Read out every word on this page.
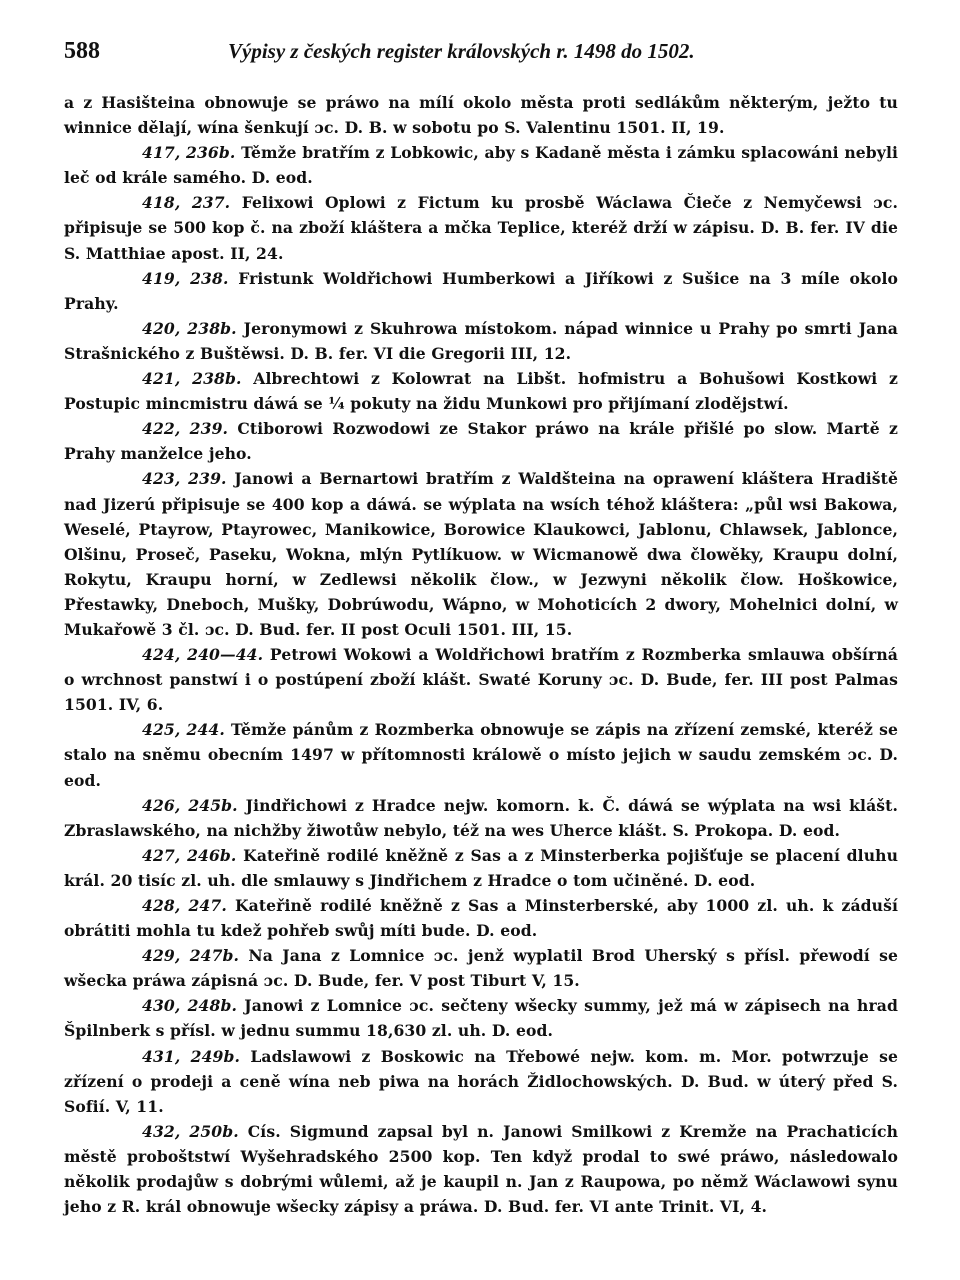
588	Výpisy z českých register královských r. 1498 do 1502.

a z Hasišteina obnowuje se práwo na mílí okolo města proti sedlákům některým, ježto tu winnice dělají, wína šenkují ɔc. D. B. w sobotu po S. Valentinu 1501. II, 19.

417, 236b. Těmže bratřím z Lobkowic, aby s Kadaně města i zámku splacowáni nebyli leč od krále samého. D. eod.

418, 237. Felixowi Oplowi z Fictum ku prosbě Wáclawa Čieče z Nemyčewsi ɔc. připisuje se 500 kop č. na zboží kláštera a mčka Teplice, kteréž drží w zápisu. D. B. fer. IV die S. Matthiae apost. II, 24.

419, 238. Fristunk Woldřichowi Humberkowi a Jiříkowi z Sušice na 3 míle okolo Prahy.

420, 238b. Jeronymowi z Skuhrowa místokom. nápad winnice u Prahy po smrti Jana Strašnického z Buštěwsi. D. B. fer. VI die Gregorii III, 12.

421, 238b. Albrechtowi z Kolowrat na Libšt. hofmistru a Bohušowi Kostkowi z Postupic mincmistru dáwá se ¼ pokuty na židu Munkowi pro přijímaní zlodějstwí.

422, 239. Ctiborowi Rozwodowi ze Stakor práwo na krále přišlé po slow. Martě z Prahy manželce jeho.

423, 239. Janowi a Bernartowi bratřím z Waldšteina na oprawení kláštera Hradiště nad Jizerú připisuje se 400 kop a dáwá. se wýplata na wsích téhož kláštera: „půl wsi Bakowa, Weselé, Ptayrow, Ptayrowec, Manikowice, Borowice Klaukowci, Jablonu, Chlawsek, Jablonce, Olšinu, Proseč, Paseku, Wokna, mlýn Pytlíkuow. w Wicmanowě dwa člowěky, Kraupu dolní, Rokytu, Kraupu horní, w Zedlewsi několik člow., w Jezwyni několik člow. Hoškowice, Přestawky, Dneboch, Mušky, Dobrúwodu, Wápno, w Mohoticích 2 dwory, Mohelnici dolní, w Mukařowě 3 čl. ɔc. D. Bud. fer. II post Oculi 1501. III, 15.

424, 240—44. Petrowi Wokowi a Woldřichowi bratřím z Rozmberka smlauwa obšírná o wrchnost panstwí i o postúpení zboží klášt. Swaté Koruny ɔc. D. Bude, fer. III post Palmas 1501. IV, 6.

425, 244. Těmže pánům z Rozmberka obnowuje se zápis na zřízení zemské, kteréž se stalo na sněmu obecním 1497 w přítomnosti králowě o místo jejich w saudu zemském ɔc. D. eod.

426, 245b. Jindřichowi z Hradce nejw. komorn. k. Č. dáwá se wýplata na wsi klášt. Zbraslawského, na nichžby žiwotůw nebylo, též na wes Uherce klášt. S. Prokopa. D. eod.

427, 246b. Kateřině rodilé kněžně z Sas a z Minsterberka pojišťuje se placení dluhu král. 20 tisíc zl. uh. dle smlauwy s Jindřichem z Hradce o tom učiněné. D. eod.

428, 247. Kateřině rodilé kněžně z Sas a Minsterberské, aby 1000 zl. uh. k záduší obrátiti mohla tu kdež pohřeb swůj míti bude. D. eod.

429, 247b. Na Jana z Lomnice ɔc. jenž wyplatil Brod Uherský s přísl. přewodí se wšecka práwa zápisná ɔc. D. Bude, fer. V post Tiburt V, 15.

430, 248b. Janowi z Lomnice ɔc. sečteny wšecky summy, jež má w zápisech na hrad Špilnberk s přísl. w jednu summu 18,630 zl. uh. D. eod.

431, 249b. Ladslawowi z Boskowic na Třebowé nejw. kom. m. Mor. potwrzuje se zřízení o prodeji a ceně wína neb piwa na horách Židlochowských. D. Bud. w úterý před S. Sofií. V, 11.

432, 250b. Cís. Sigmund zapsal byl n. Janowi Smilkowi z Kremže na Prachaticích městě proboštstwí Wyšehradského 2500 kop. Ten když prodal to swé práwo, následowalo několik prodajůw s dobrými wůlemi, až je kaupil n. Jan z Raupowa, po němž Wáclawowi synu jeho z R. král obnowuje wšecky zápisy a práwa. D. Bud. fer. VI ante Trinit. VI, 4.
